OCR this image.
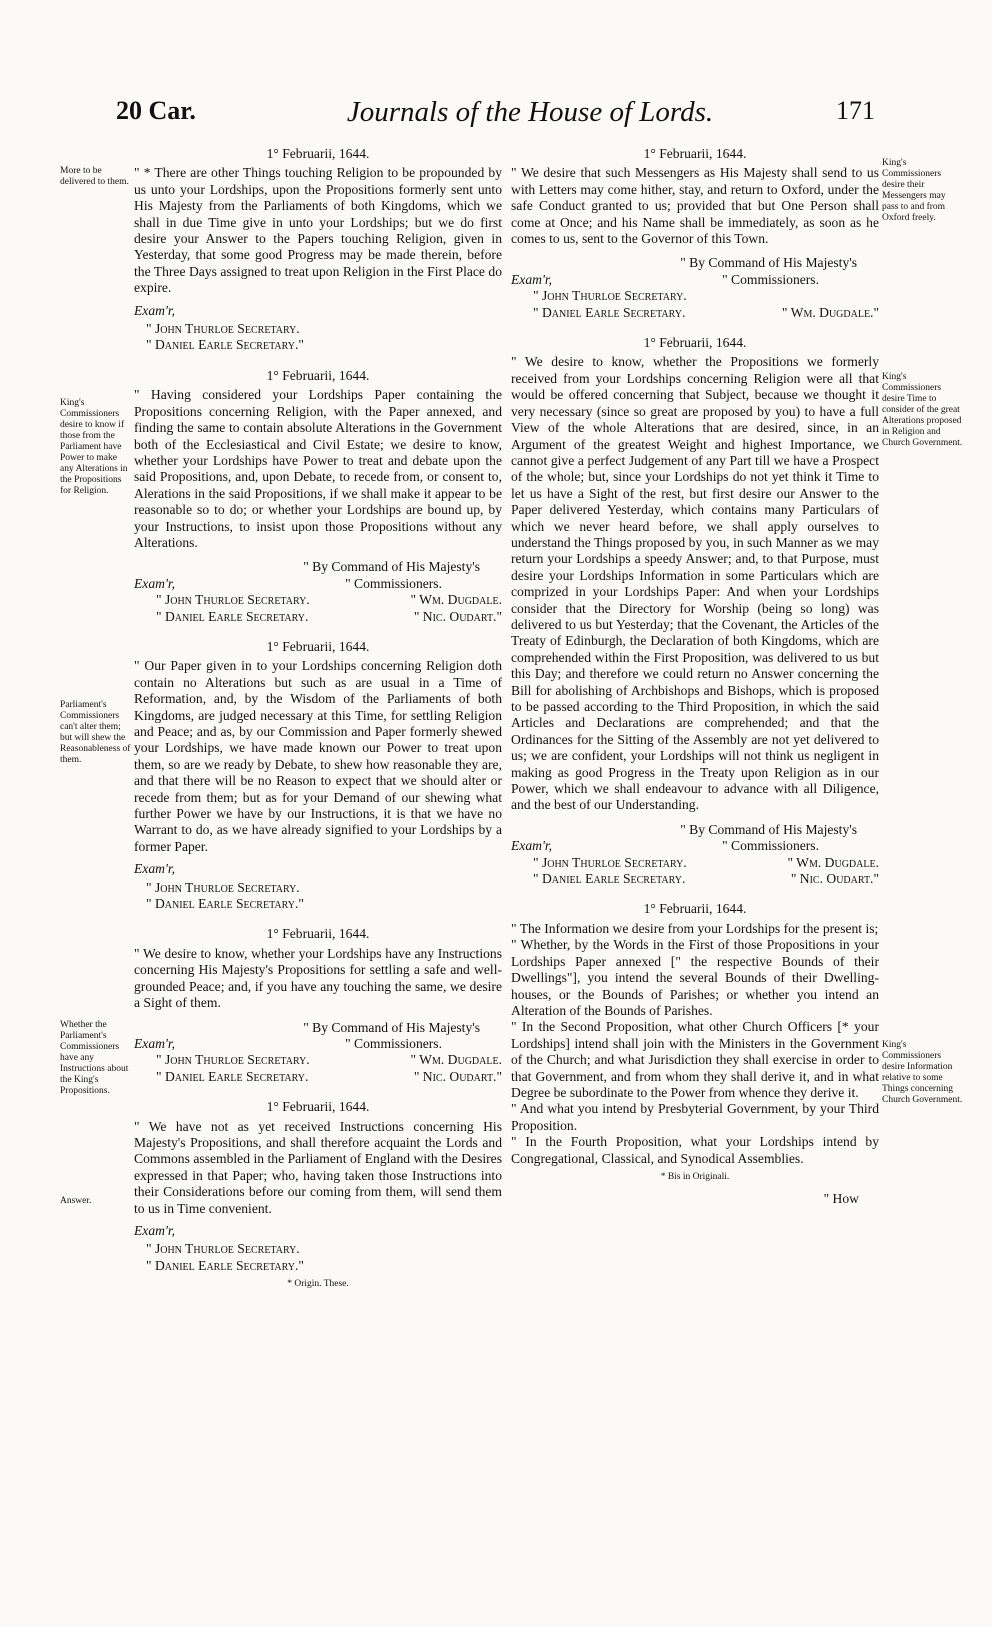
20 Car.	Journals of the House of Lords.	171
More to be delivered to them.
King's Commissioners desire to know if those from the Parliament have Power to make any Alterations in the Propositions for Religion.
Parliament's Commissioners can't alter them; but will shew the Reasonableness of them.
Whether the Parliament's Commissioners have any Instructions about the King's Propositions.
Answer.
King's Commissioners desire their Messengers may pass to and from Oxford freely.
King's Commissioners desire Time to consider of the great Alterations proposed in Religion and Church Government.
King's Commissioners desire Information relative to some Things concerning Church Government.
1° Februarii, 1644.

" * There are other Things touching Religion to be propounded by us unto your Lordships, upon the Propositions formerly sent unto His Majesty from the Parliaments of both Kingdoms, which we shall in due Time give in unto your Lordships; but we do first desire your Answer to the Papers touching Religion, given in Yesterday, that some good Progress may be made therein, before the Three Days assigned to treat upon Religion in the First Place do expire.

Exam'r,
" John Thurloe Secretary.
" Daniel Earle Secretary."
1° Februarii, 1644.

" Having considered your Lordships Paper containing the Propositions concerning Religion, with the Paper annexed, and finding the same to contain absolute Alterations in the Government both of the Ecclesiastical and Civil Estate; we desire to know, whether your Lordships have Power to treat and debate upon the said Propositions, and, upon Debate, to recede from, or consent to, Alerations in the said Propositions, if we shall make it appear to be reasonable so to do; or whether your Lordships are bound up, by your Instructions, to insist upon those Propositions without any Alterations.

" By Command of His Majesty's
Exam'r,	" Commissioners.
" John Thurloe Secretary.	" Wm. Dugdale.
" Daniel Earle Secretary.	" Nic. Oudart."
1° Februarii, 1644.

" Our Paper given in to your Lordships concerning Religion doth contain no Alterations but such as are usual in a Time of Reformation, and, by the Wisdom of the Parliaments of both Kingdoms, are judged necessary at this Time, for settling Religion and Peace; and as, by our Commission and Paper formerly shewed your Lordships, we have made known our Power to treat upon them, so are we ready by Debate, to shew how reasonable they are, and that there will be no Reason to expect that we should alter or recede from them; but as for your Demand of our shewing what further Power we have by our Instructions, it is that we have no Warrant to do, as we have already signified to your Lordships by a former Paper.

Exam'r,
" John Thurloe Secretary.
" Daniel Earle Secretary."
1° Februarii, 1644.

" We desire to know, whether your Lordships have any Instructions concerning His Majesty's Propositions for settling a safe and well-grounded Peace; and, if you have any touching the same, we desire a Sight of them.

" By Command of His Majesty's
Exam'r,	" Commissioners.
" John Thurloe Secretary.	" Wm. Dugdale.
" Daniel Earle Secretary.	" Nic. Oudart."
1° Februarii, 1644.

" We have not as yet received Instructions concerning His Majesty's Propositions, and shall therefore acquaint the Lords and Commons assembled in the Parliament of England with the Desires expressed in that Paper; who, having taken those Instructions into their Considerations before our coming from them, will send them to us in Time convenient.

Exam'r,
" John Thurloe Secretary.
" Daniel Earle Secretary."
* Origin. These.
1° Februarii, 1644.

" We desire that such Messengers as His Majesty shall send to us with Letters may come hither, stay, and return to Oxford, under the safe Conduct granted to us; provided that but One Person shall come at Once; and his Name shall be immediately, as soon as he comes to us, sent to the Governor of this Town.

" By Command of His Majesty's
Exam'r,	" Commissioners.
" John Thurloe Secretary.
" Daniel Earle Secretary.	" Wm. Dugdale."
1° Februarii, 1644.

" We desire to know, whether the Propositions we formerly received from your Lordships concerning Religion were all that would be offered concerning that Subject, because we thought it very necessary (since so great are proposed by you) to have a full View of the whole Alterations that are desired, since, in an Argument of the greatest Weight and highest Importance, we cannot give a perfect Judgement of any Part till we have a Prospect of the whole; but, since your Lordships do not yet think it Time to let us have a Sight of the rest, but first desire our Answer to the Paper delivered Yesterday, which contains many Particulars of which we never heard before, we shall apply ourselves to understand the Things proposed by you, in such Manner as we may return your Lordships a speedy Answer; and, to that Purpose, must desire your Lordships Information in some Particulars which are comprized in your Lordships Paper: And when your Lordships consider that the Directory for Worship (being so long) was delivered to us but Yesterday; that the Covenant, the Articles of the Treaty of Edinburgh, the Declaration of both Kingdoms, which are comprehended within the First Proposition, was delivered to us but this Day; and therefore we could return no Answer concerning the Bill for abolishing of Archbishops and Bishops, which is proposed to be passed according to the Third Proposition, in which the said Articles and Declarations are comprehended; and that the Ordinances for the Sitting of the Assembly are not yet delivered to us; we are confident, your Lordships will not think us negligent in making as good Progress in the Treaty upon Religion as in our Power, which we shall endeavour to advance with all Diligence, and the best of our Understanding.

" By Command of His Majesty's
Exam'r,	" Commissioners.
" John Thurloe Secretary.	" Wm. Dugdale.
" Daniel Earle Secretary.	" Nic. Oudart."
1° Februarii, 1644.

" The Information we desire from your Lordships for the present is;

" Whether, by the Words in the First of those Propositions in your Lordships Paper annexed [" the respective Bounds of their Dwellings"], you intend the several Bounds of their Dwelling-houses, or the Bounds of Parishes; or whether you intend an Alteration of the Bounds of Parishes.

" In the Second Proposition, what other Church Officers [* your Lordships] intend shall join with the Ministers in the Government of the Church; and what Jurisdiction they shall exercise in order to that Government, and from whom they shall derive it, and in what Degree be subordinate to the Power from whence they derive it.

" And what you intend by Presbyterial Government, by your Third Proposition.

" In the Fourth Proposition, what your Lordships intend by Congregational, Classical, and Synodical Assemblies.

* Bis in Originali.
" How
